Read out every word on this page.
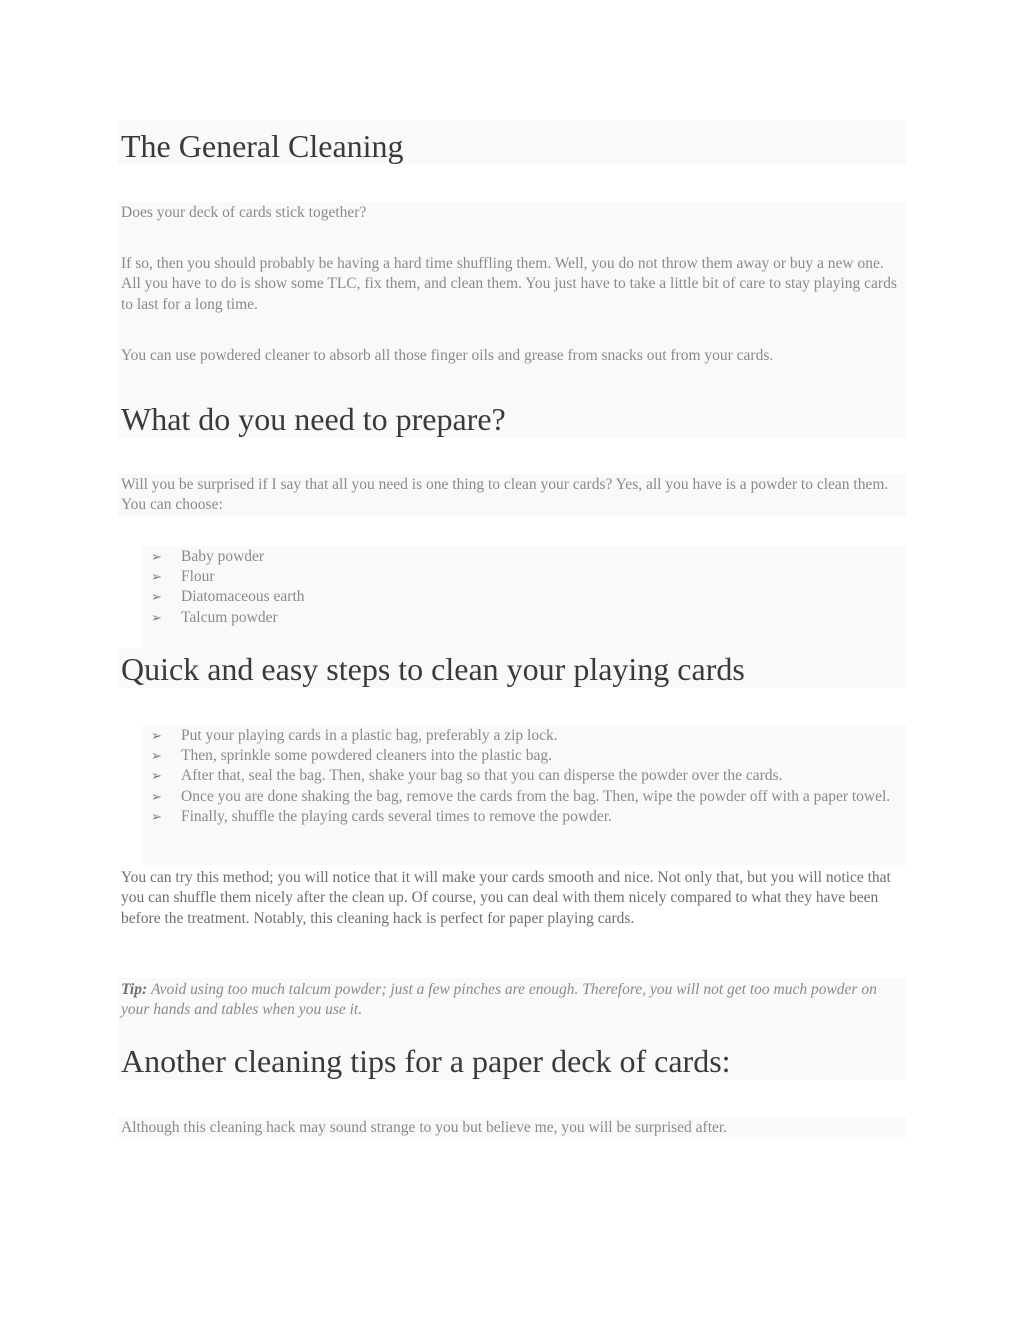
The General Cleaning
Does your deck of cards stick together?
If so, then you should probably be having a hard time shuffling them. Well, you do not throw them away or buy a new one. All you have to do is show some TLC, fix them, and clean them. You just have to take a little bit of care to stay playing cards to last for a long time.
You can use powdered cleaner to absorb all those finger oils and grease from snacks out from your cards.
What do you need to prepare?
Will you be surprised if I say that all you need is one thing to clean your cards? Yes, all you have is a powder to clean them. You can choose:
➢ Baby powder
➢ Flour
➢ Diatomaceous earth
➢ Talcum powder
Quick and easy steps to clean your playing cards
➢ Put your playing cards in a plastic bag, preferably a zip lock.
➢ Then, sprinkle some powdered cleaners into the plastic bag.
➢ After that, seal the bag. Then, shake your bag so that you can disperse the powder over the cards.
➢ Once you are done shaking the bag, remove the cards from the bag. Then, wipe the powder off with a paper towel.
➢ Finally, shuffle the playing cards several times to remove the powder.
You can try this method; you will notice that it will make your cards smooth and nice. Not only that, but you will notice that you can shuffle them nicely after the clean up. Of course, you can deal with them nicely compared to what they have been before the treatment. Notably, this cleaning hack is perfect for paper playing cards.
Tip: Avoid using too much talcum powder; just a few pinches are enough. Therefore, you will not get too much powder on your hands and tables when you use it.
Another cleaning tips for a paper deck of cards:
Although this cleaning hack may sound strange to you but believe me, you will be surprised after.
